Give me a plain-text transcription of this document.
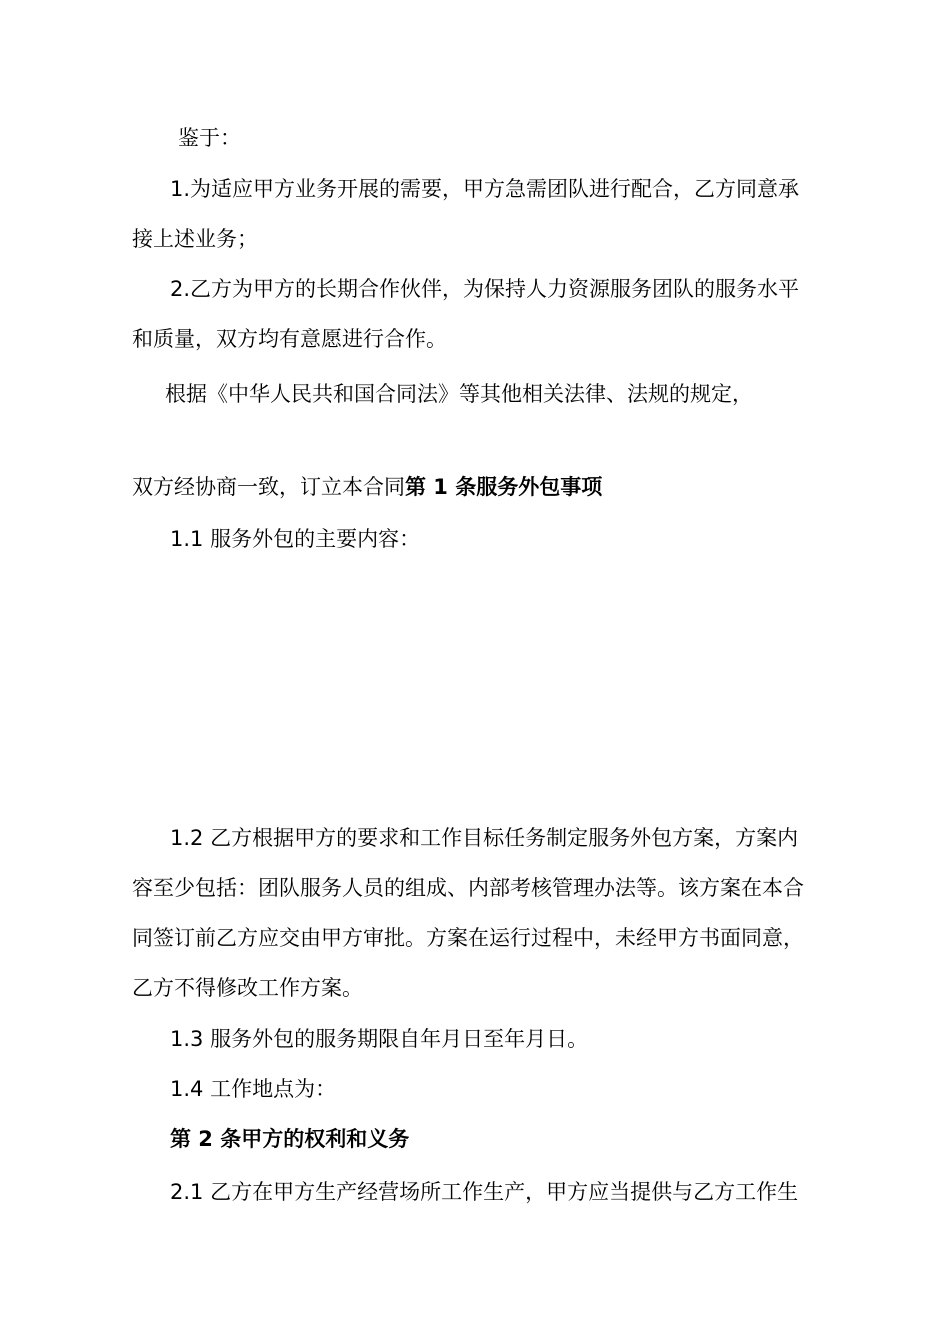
鉴于：
1.为适应甲方业务开展的需要，甲方急需团队进行配合，乙方同意承
接上述业务；
2.乙方为甲方的长期合作伙伴，为保持人力资源服务团队的服务水平
和质量，双方均有意愿进行合作。
根据《中华人民共和国合同法》等其他相关法律、法规的规定，
双方经协商一致，订立本合同第 1 条服务外包事项
1.1 服务外包的主要内容：
1.2 乙方根据甲方的要求和工作目标任务制定服务外包方案，方案内
容至少包括：团队服务人员的组成、内部考核管理办法等。该方案在本合
同签订前乙方应交由甲方审批。方案在运行过程中，未经甲方书面同意，
乙方不得修改工作方案。
1.3 服务外包的服务期限自年月日至年月日。
1.4 工作地点为：
第 2 条甲方的权利和义务
2.1 乙方在甲方生产经营场所工作生产，甲方应当提供与乙方工作生
